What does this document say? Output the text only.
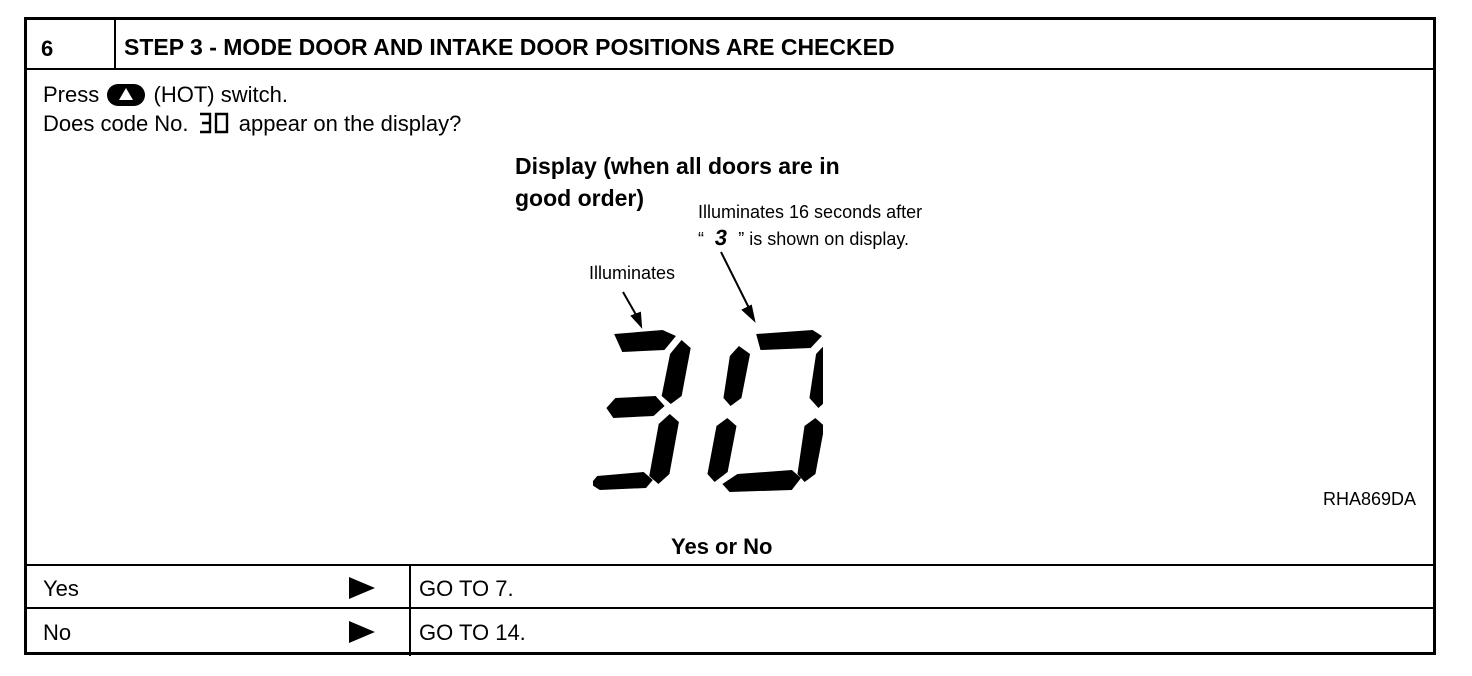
6	STEP 3 - MODE DOOR AND INTAKE DOOR POSITIONS ARE CHECKED
Press (HOT) switch.
Does code No. appear on the display?
Display (when all doors are in good order)
Illuminates 16 seconds after
“ 3 ” is shown on display.
Illuminates
RHA869DA
Yes or No
Yes	GO TO 7.
No	GO TO 14.
